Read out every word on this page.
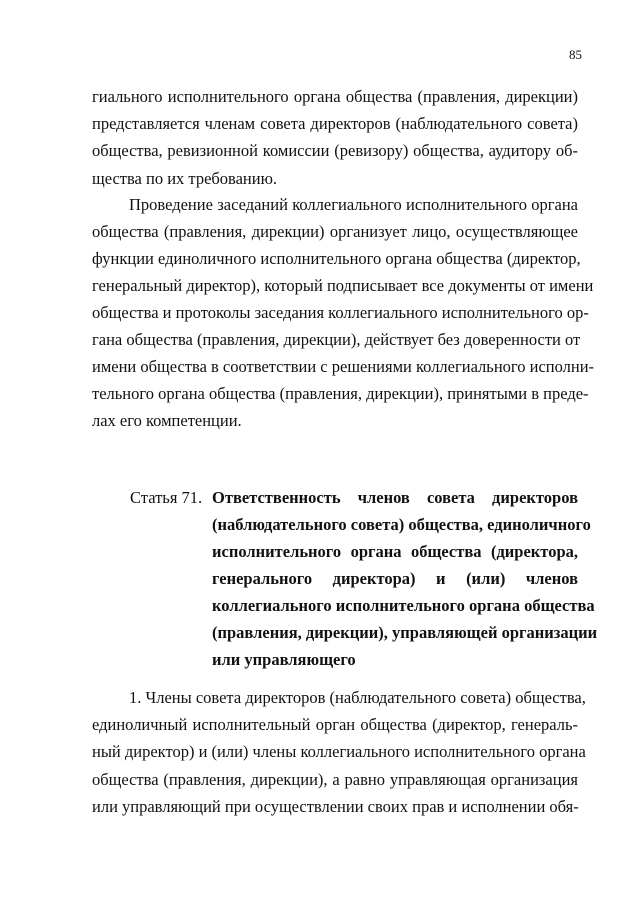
85
гиального исполнительного органа общества (правления, дирекции)
представляется членам совета директоров (наблюдательного совета)
общества, ревизионной комиссии (ревизору) общества, аудитору об-
щества по их требованию.
Проведение заседаний коллегиального исполнительного органа
общества (правления, дирекции) организует лицо, осуществляющее
функции единоличного исполнительного органа общества (директор,
генеральный директор), который подписывает все документы от имени
общества и протоколы заседания коллегиального исполнительного ор-
гана общества (правления, дирекции), действует без доверенности от
имени общества в соответствии с решениями коллегиального исполни-
тельного органа общества (правления, дирекции), принятыми в преде-
лах его компетенции.
Статья 71. Ответственность членов совета директоров
(наблюдательного совета) общества, единоличного
исполнительного органа общества (директора,
генерального директора) и (или) членов
коллегиального исполнительного органа общества
(правления, дирекции), управляющей организации
или управляющего
1. Члены совета директоров (наблюдательного совета) общества,
единоличный исполнительный орган общества (директор, генераль-
ный директор) и (или) члены коллегиального исполнительного органа
общества (правления, дирекции), а равно управляющая организация
или управляющий при осуществлении своих прав и исполнении обя-
